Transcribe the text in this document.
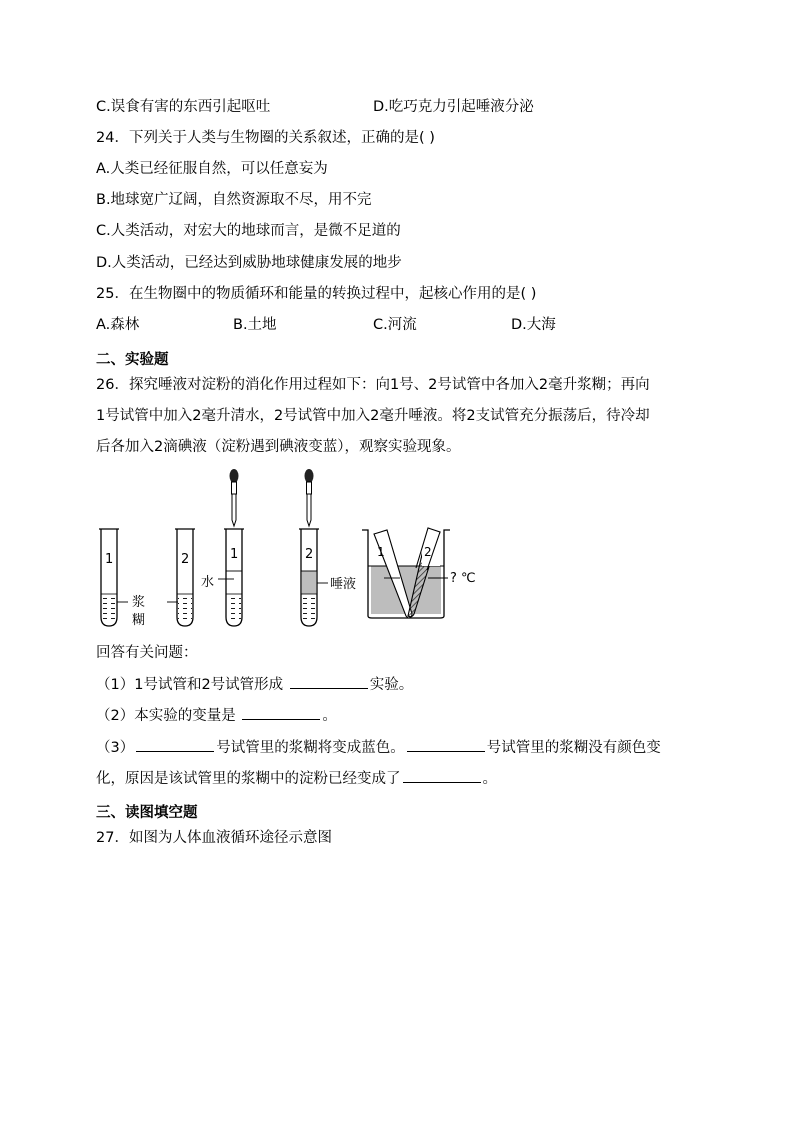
C.误食有害的东西引起呕吐	D.吃巧克力引起唾液分泌
24．下列关于人类与生物圈的关系叙述，正确的是( )
A.人类已经征服自然，可以任意妄为
B.地球宽广辽阔，自然资源取不尽，用不完
C.人类活动，对宏大的地球而言，是微不足道的
D.人类活动，已经达到威胁地球健康发展的地步
25．在生物圈中的物质循环和能量的转换过程中，起核心作用的是( )
A.森林	B.土地	C.河流	D.大海
二、实验题
26．探究唾液对淀粉的消化作用过程如下：向1号、2号试管中各加入2毫升浆糊；再向
1号试管中加入2毫升清水，2号试管中加入2毫升唾液。将2支试管充分振荡后，待冷却
后各加入2滴碘液（淀粉遇到碘液变蓝），观察实验现象。
1
浆
糊
2	1
水
2
唾液
1	2
? ℃
回答有关问题：
（1）1号试管和2号试管形成	实验。
（2）本实验的变量是	。
（3）	号试管里的浆糊将变成蓝色。	号试管里的浆糊没有颜色变
化，原因是该试管里的浆糊中的淀粉已经变成了	。
三、读图填空题
27．如图为人体血液循环途径示意图
